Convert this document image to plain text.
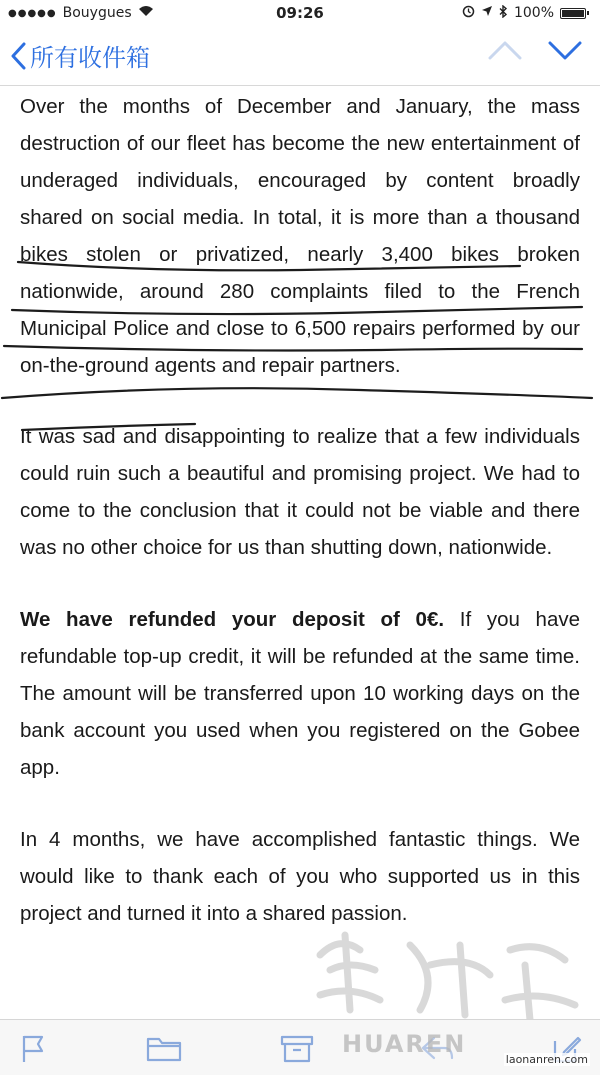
●●●●● Bouygues	09:26	100%
所有收件箱

Over the months of December and January, the mass destruction of our fleet has become the new entertainment of underaged individuals, encouraged by content broadly shared on social media. In total, it is more than a thousand bikes stolen or privatized, nearly 3,400 bikes broken nationwide, around 280 complaints filed to the French Municipal Police and close to 6,500 repairs performed by our on-the-ground agents and repair partners.

It was sad and disappointing to realize that a few individuals could ruin such a beautiful and promising project. We had to come to the conclusion that it could not be viable and there was no other choice for us than shutting down, nationwide.

We have refunded your deposit of 0€. If you have refundable top-up credit, it will be refunded at the same time. The amount will be transferred upon 10 working days on the bank account you used when you registered on the Gobee app.

In 4 months, we have accomplished fantastic things. We would like to thank each of you who supported us in this project and turned it into a shared passion.

HUAREN
laonanren.com
